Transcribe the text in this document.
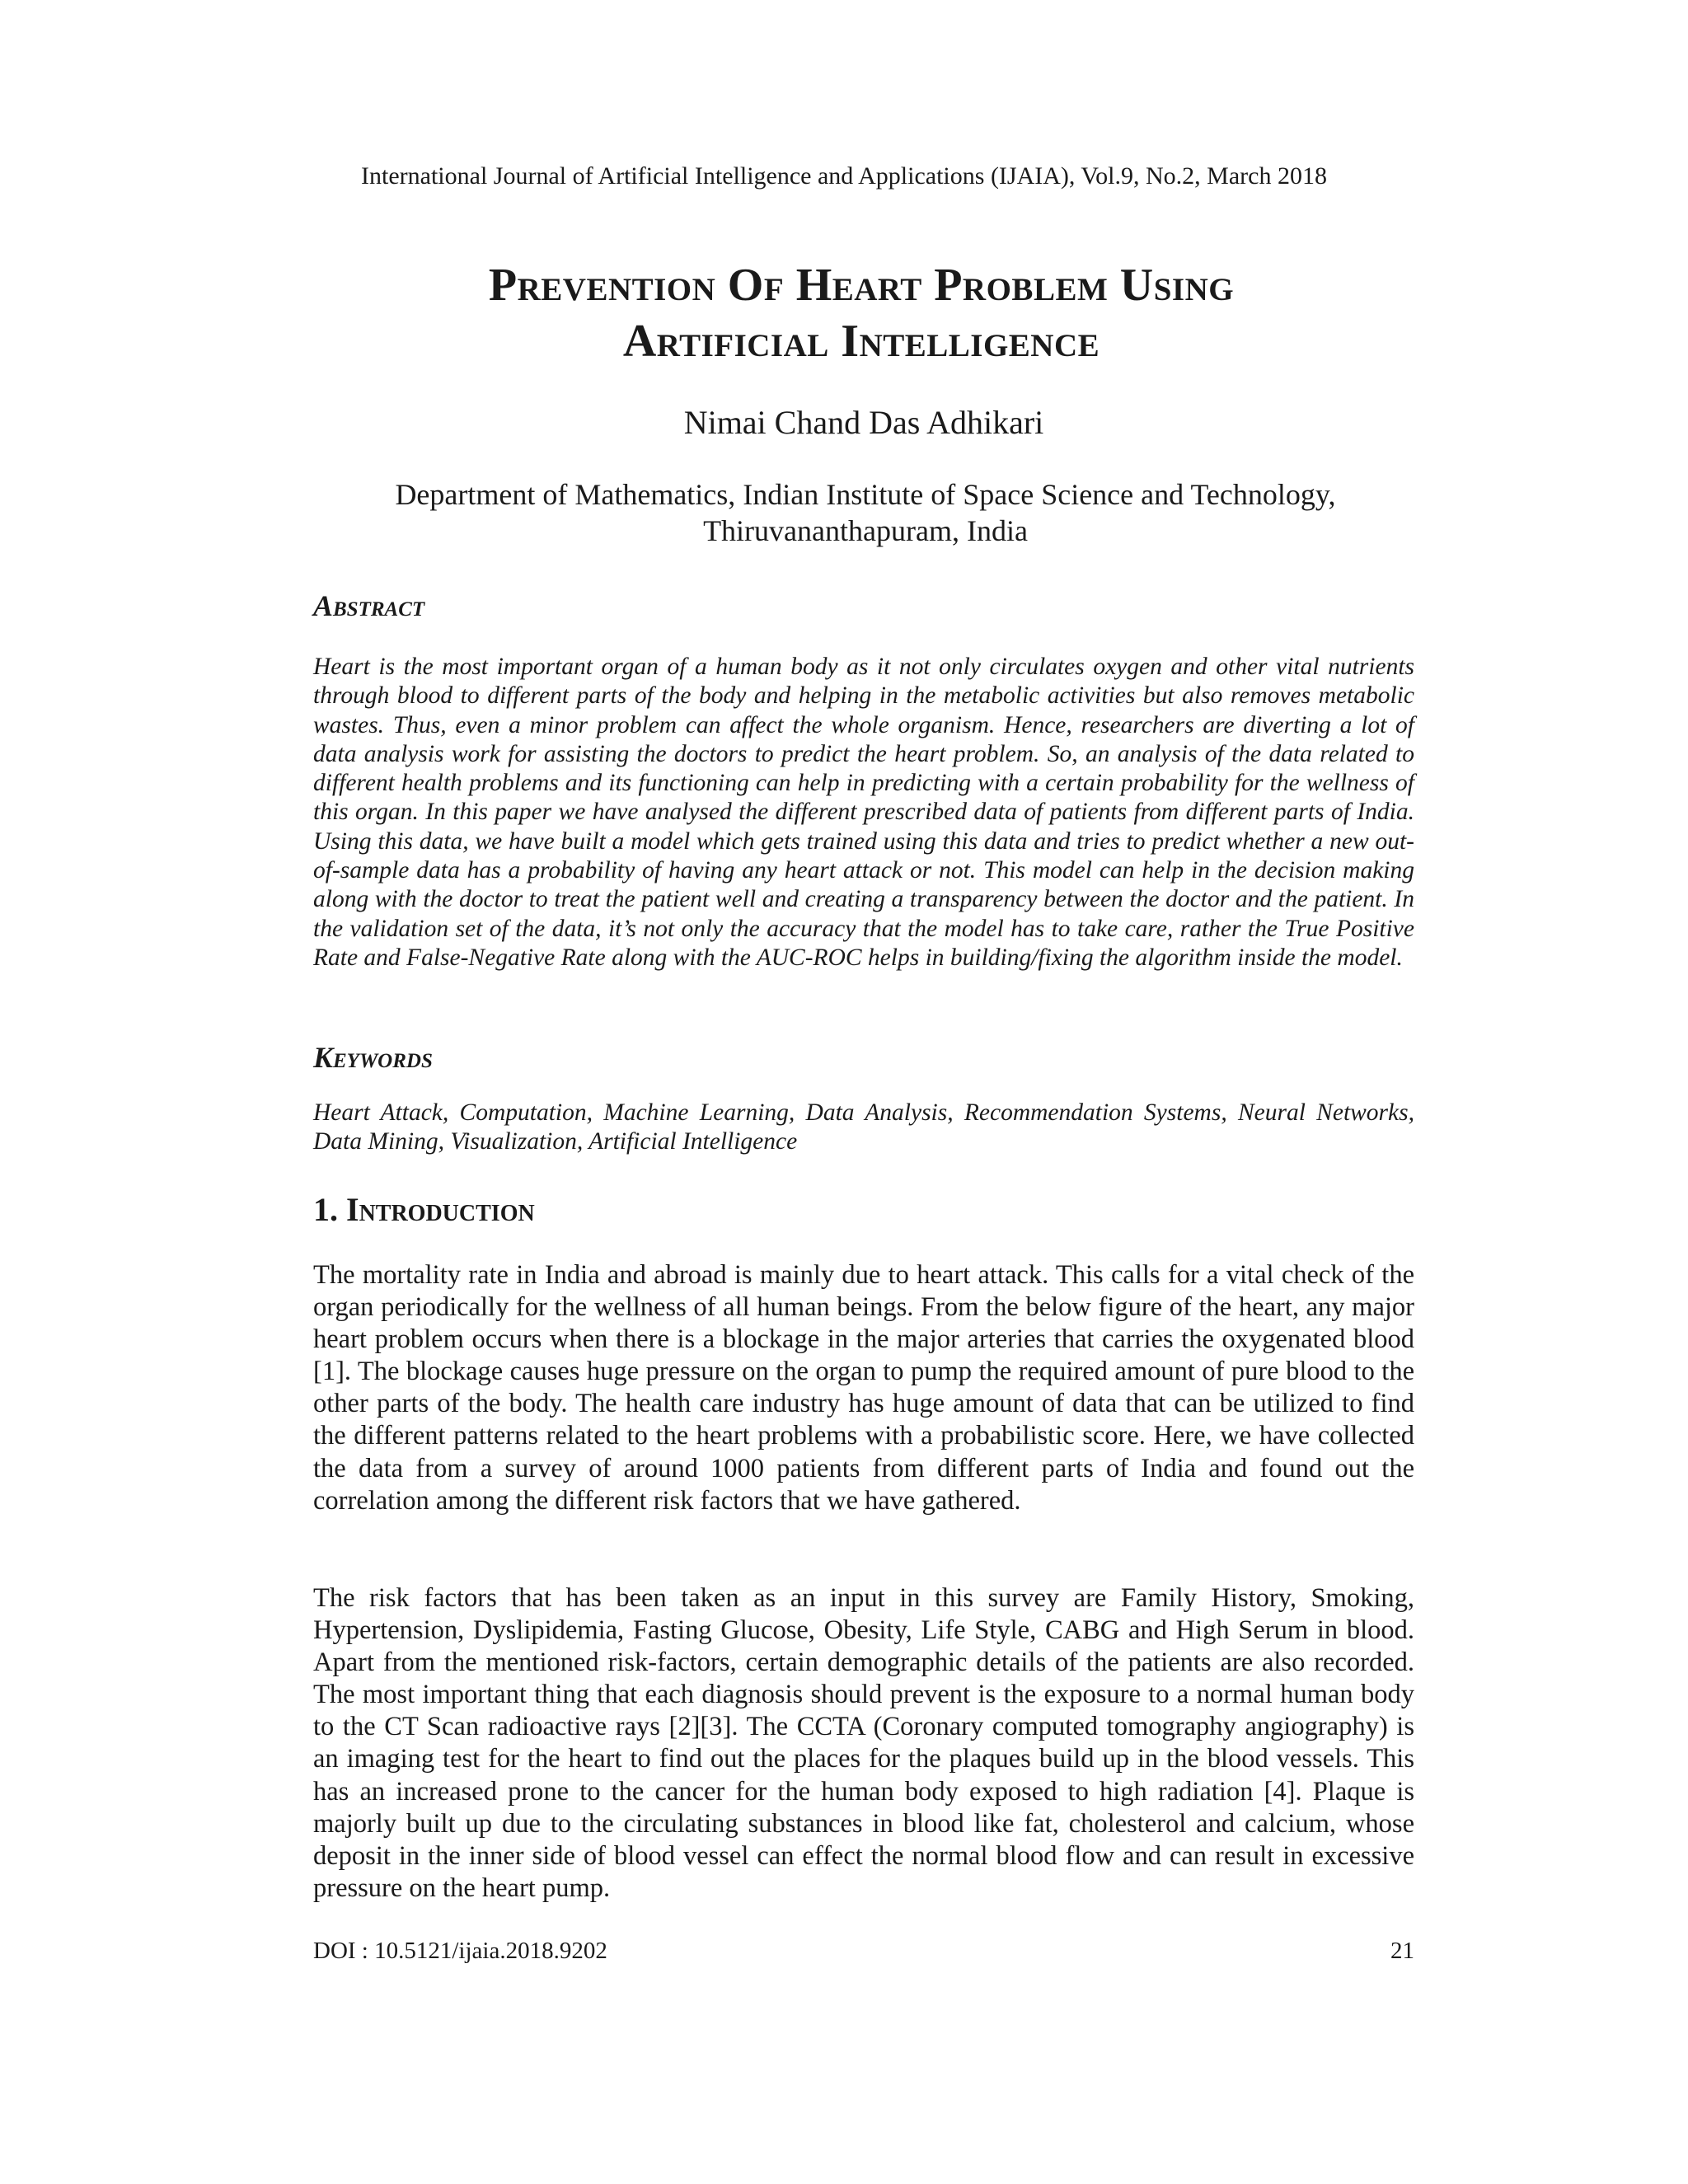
International Journal of Artificial Intelligence and Applications (IJAIA), Vol.9, No.2, March 2018
Prevention Of Heart Problem Using
Artificial Intelligence
Nimai Chand Das Adhikari
Department of Mathematics, Indian Institute of Space Science and Technology,
Thiruvananthapuram, India
Abstract
Heart is the most important organ of a human body as it not only circulates oxygen and other vital nutrients through blood to different parts of the body and helping in the metabolic activities but also removes metabolic wastes. Thus, even a minor problem can affect the whole organism. Hence, researchers are diverting a lot of data analysis work for assisting the doctors to predict the heart problem. So, an analysis of the data related to different health problems and its functioning can help in predicting with a certain probability for the wellness of this organ. In this paper we have analysed the different prescribed data of patients from different parts of India. Using this data, we have built a model which gets trained using this data and tries to predict whether a new out-of-sample data has a probability of having any heart attack or not. This model can help in the decision making along with the doctor to treat the patient well and creating a transparency between the doctor and the patient. In the validation set of the data, it’s not only the accuracy that the model has to take care, rather the True Positive Rate and False-Negative Rate along with the AUC-ROC helps in building/fixing the algorithm inside the model.
Keywords
Heart Attack, Computation, Machine Learning, Data Analysis, Recommendation Systems, Neural Networks, Data Mining, Visualization, Artificial Intelligence
1. Introduction
The mortality rate in India and abroad is mainly due to heart attack. This calls for a vital check of the organ periodically for the wellness of all human beings. From the below figure of the heart, any major heart problem occurs when there is a blockage in the major arteries that carries the oxygenated blood [1]. The blockage causes huge pressure on the organ to pump the required amount of pure blood to the other parts of the body. The health care industry has huge amount of data that can be utilized to find the different patterns related to the heart problems with a probabilistic score. Here, we have collected the data from a survey of around 1000 patients from different parts of India and found out the correlation among the different risk factors that we have gathered.
The risk factors that has been taken as an input in this survey are Family History, Smoking, Hypertension, Dyslipidemia, Fasting Glucose, Obesity, Life Style, CABG and High Serum in blood. Apart from the mentioned risk-factors, certain demographic details of the patients are also recorded. The most important thing that each diagnosis should prevent is the exposure to a normal human body to the CT Scan radioactive rays [2][3]. The CCTA (Coronary computed tomography angiography) is an imaging test for the heart to find out the places for the plaques build up in the blood vessels. This has an increased prone to the cancer for the human body exposed to high radiation [4]. Plaque is majorly built up due to the circulating substances in blood like fat, cholesterol and calcium, whose deposit in the inner side of blood vessel can effect the normal blood flow and can result in excessive pressure on the heart pump.
DOI : 10.5121/ijaia.2018.9202	21
